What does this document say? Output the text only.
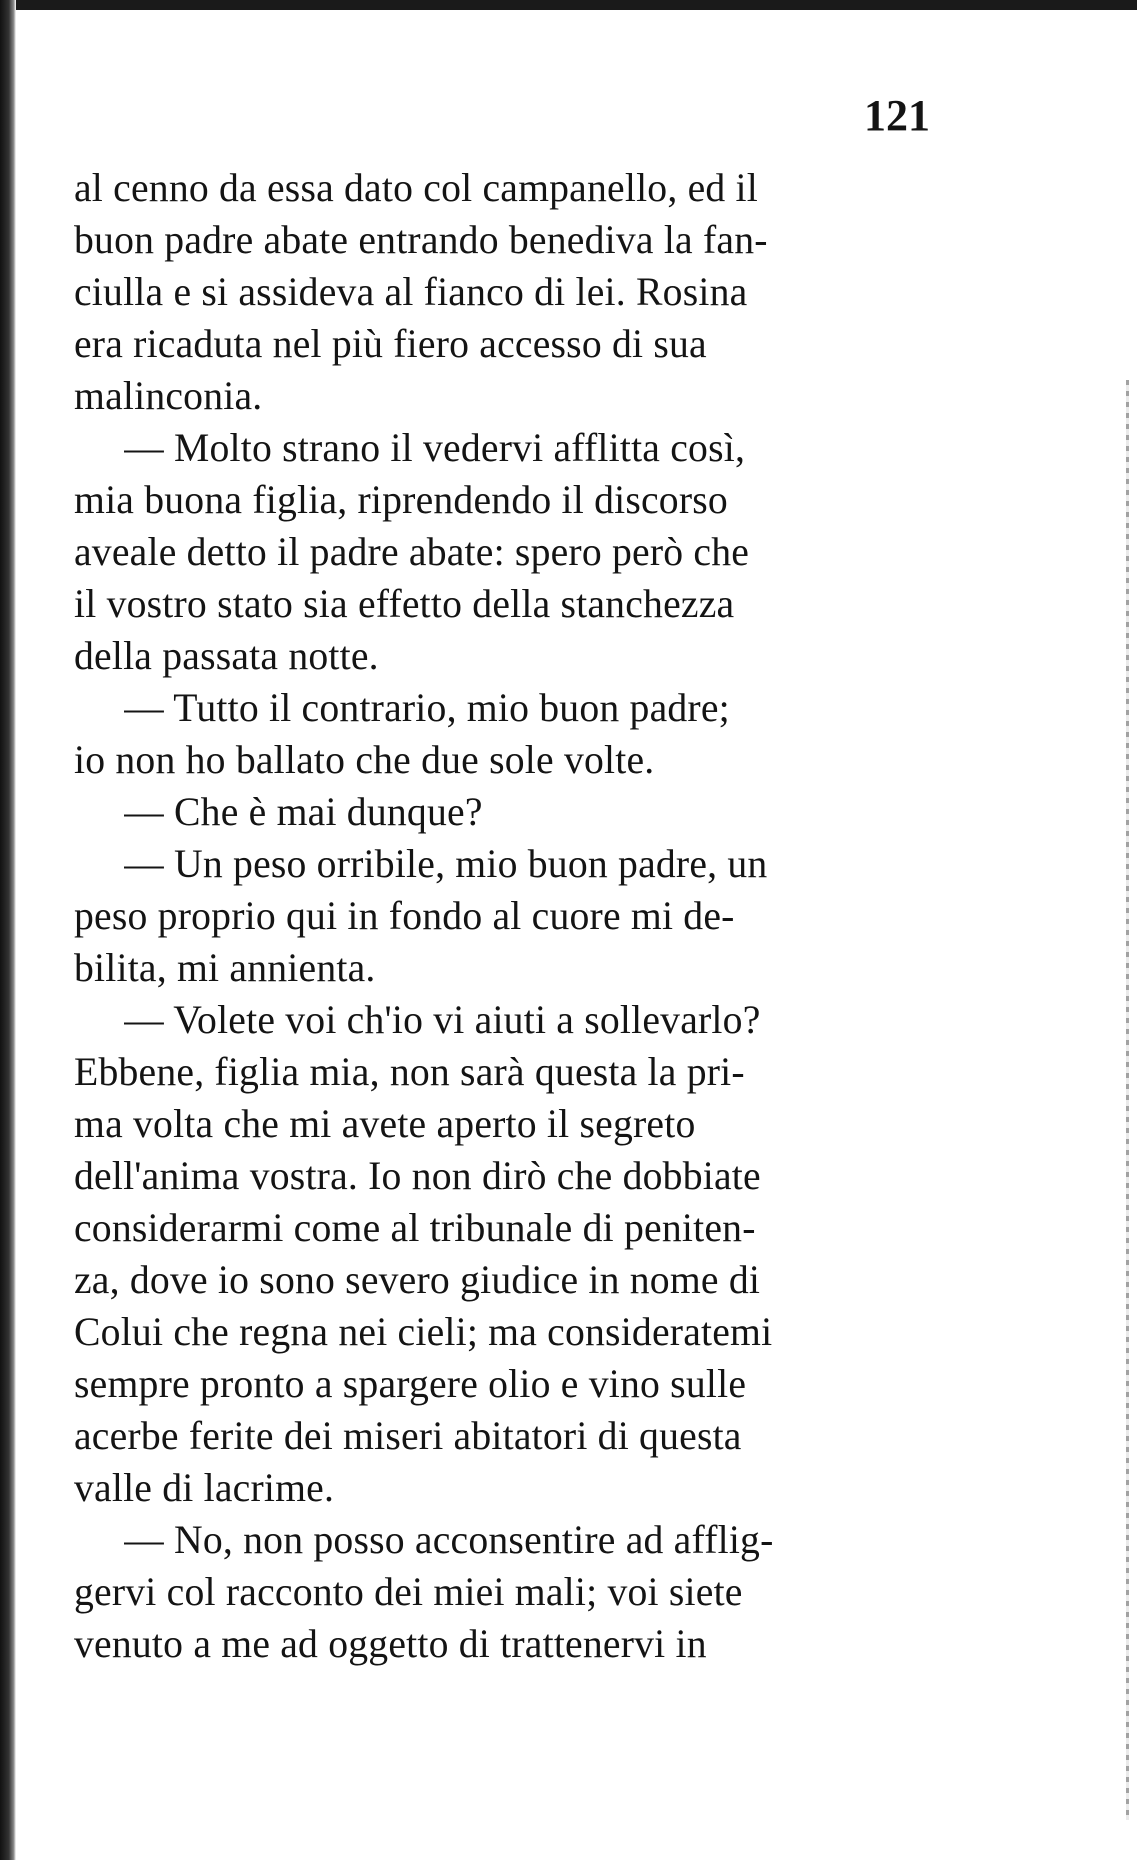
121
al cenno da essa dato col campanello, ed il
buon padre abate entrando benediva la fan-
ciulla e si assideva al fianco di lei. Rosina
era ricaduta nel più fiero accesso di sua
malinconia.
— Molto strano il vedervi afflitta così,
mia buona figlia, riprendendo il discorso
aveale detto il padre abate: spero però che
il vostro stato sia effetto della stanchezza
della passata notte.
— Tutto il contrario, mio buon padre;
io non ho ballato che due sole volte.
— Che è mai dunque?
— Un peso orribile, mio buon padre, un
peso proprio qui in fondo al cuore mi de-
bilita, mi annienta.
— Volete voi ch'io vi aiuti a sollevarlo?
Ebbene, figlia mia, non sarà questa la pri-
ma volta che mi avete aperto il segreto
dell'anima vostra. Io non dirò che dobbiate
considerarmi come al tribunale di peniten-
za, dove io sono severo giudice in nome di
Colui che regna nei cieli; ma consideratemi
sempre pronto a spargere olio e vino sulle
acerbe ferite dei miseri abitatori di questa
valle di lacrime.
— No, non posso acconsentire ad afflig-
gervi col racconto dei miei mali; voi siete
venuto a me ad oggetto di trattenervi in
